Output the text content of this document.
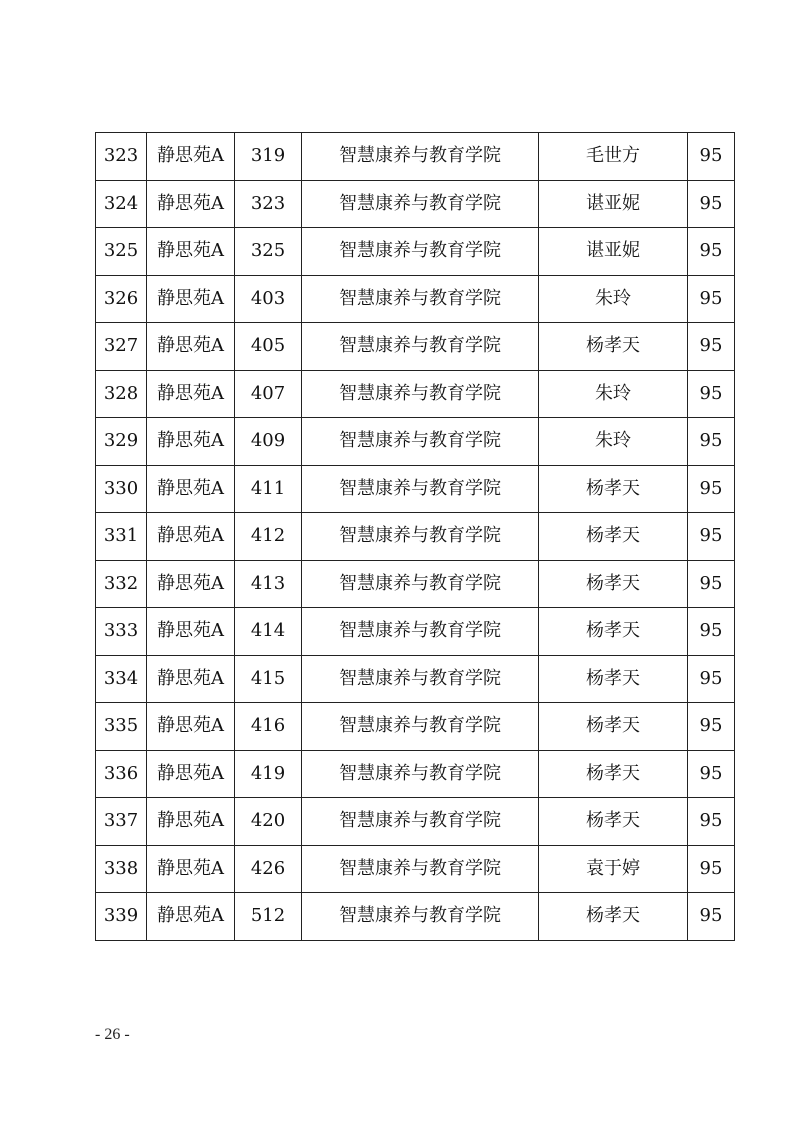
323	静思苑A	319	智慧康养与教育学院	毛世方	95
324	静思苑A	323	智慧康养与教育学院	谌亚妮	95
325	静思苑A	325	智慧康养与教育学院	谌亚妮	95
326	静思苑A	403	智慧康养与教育学院	朱玲	95
327	静思苑A	405	智慧康养与教育学院	杨孝天	95
328	静思苑A	407	智慧康养与教育学院	朱玲	95
329	静思苑A	409	智慧康养与教育学院	朱玲	95
330	静思苑A	411	智慧康养与教育学院	杨孝天	95
331	静思苑A	412	智慧康养与教育学院	杨孝天	95
332	静思苑A	413	智慧康养与教育学院	杨孝天	95
333	静思苑A	414	智慧康养与教育学院	杨孝天	95
334	静思苑A	415	智慧康养与教育学院	杨孝天	95
335	静思苑A	416	智慧康养与教育学院	杨孝天	95
336	静思苑A	419	智慧康养与教育学院	杨孝天	95
337	静思苑A	420	智慧康养与教育学院	杨孝天	95
338	静思苑A	426	智慧康养与教育学院	袁于婷	95
339	静思苑A	512	智慧康养与教育学院	杨孝天	95
- 26 -
